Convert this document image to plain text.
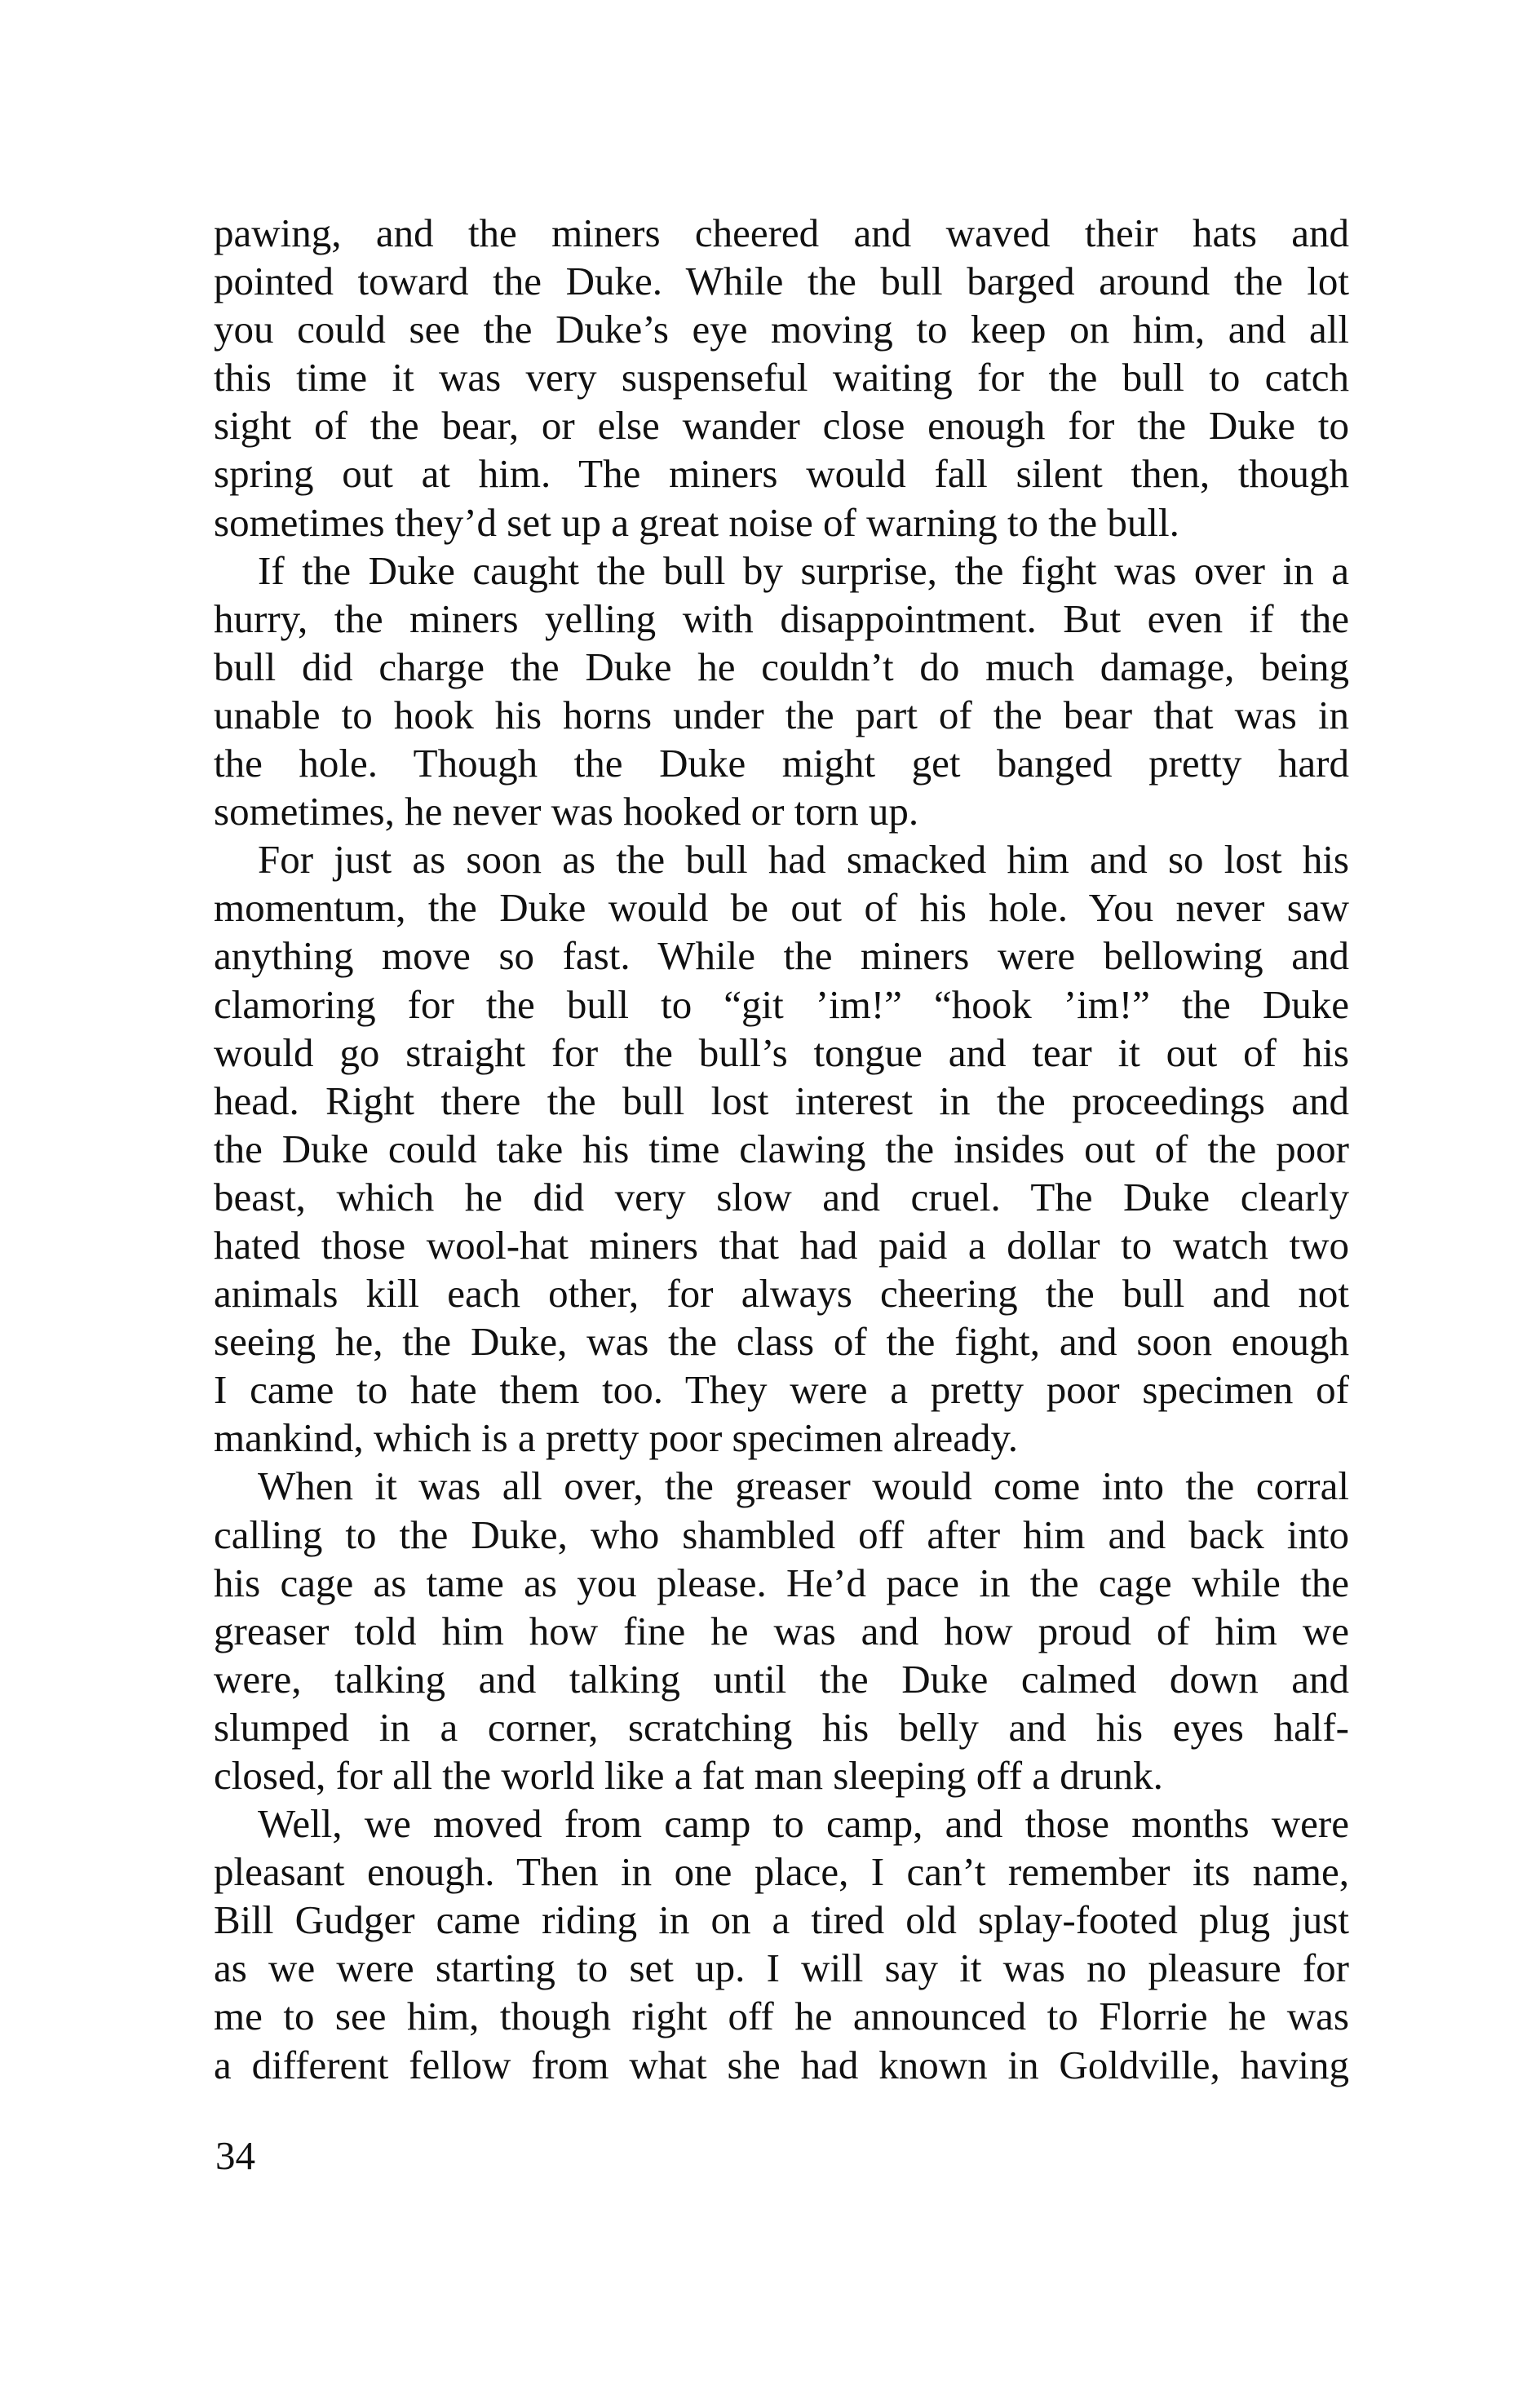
pawing, and the miners cheered and waved their hats and
pointed toward the Duke. While the bull barged around the lot
you could see the Duke’s eye moving to keep on him, and all
this time it was very suspenseful waiting for the bull to catch
sight of the bear, or else wander close enough for the Duke to
spring out at him. The miners would fall silent then, though
sometimes they’d set up a great noise of warning to the bull.
If the Duke caught the bull by surprise, the fight was over in a
hurry, the miners yelling with disappointment. But even if the
bull did charge the Duke he couldn’t do much damage, being
unable to hook his horns under the part of the bear that was in
the hole. Though the Duke might get banged pretty hard
sometimes, he never was hooked or torn up.
For just as soon as the bull had smacked him and so lost his
momentum, the Duke would be out of his hole. You never saw
anything move so fast. While the miners were bellowing and
clamoring for the bull to “git ’im!” “hook ’im!” the Duke
would go straight for the bull’s tongue and tear it out of his
head. Right there the bull lost interest in the proceedings and
the Duke could take his time clawing the insides out of the poor
beast, which he did very slow and cruel. The Duke clearly
hated those wool-hat miners that had paid a dollar to watch two
animals kill each other, for always cheering the bull and not
seeing he, the Duke, was the class of the fight, and soon enough
I came to hate them too. They were a pretty poor specimen of
mankind, which is a pretty poor specimen already.
When it was all over, the greaser would come into the corral
calling to the Duke, who shambled off after him and back into
his cage as tame as you please. He’d pace in the cage while the
greaser told him how fine he was and how proud of him we
were, talking and talking until the Duke calmed down and
slumped in a corner, scratching his belly and his eyes half-
closed, for all the world like a fat man sleeping off a drunk.
Well, we moved from camp to camp, and those months were
pleasant enough. Then in one place, I can’t remember its name,
Bill Gudger came riding in on a tired old splay-footed plug just
as we were starting to set up. I will say it was no pleasure for
me to see him, though right off he announced to Florrie he was
a different fellow from what she had known in Goldville, having
34
